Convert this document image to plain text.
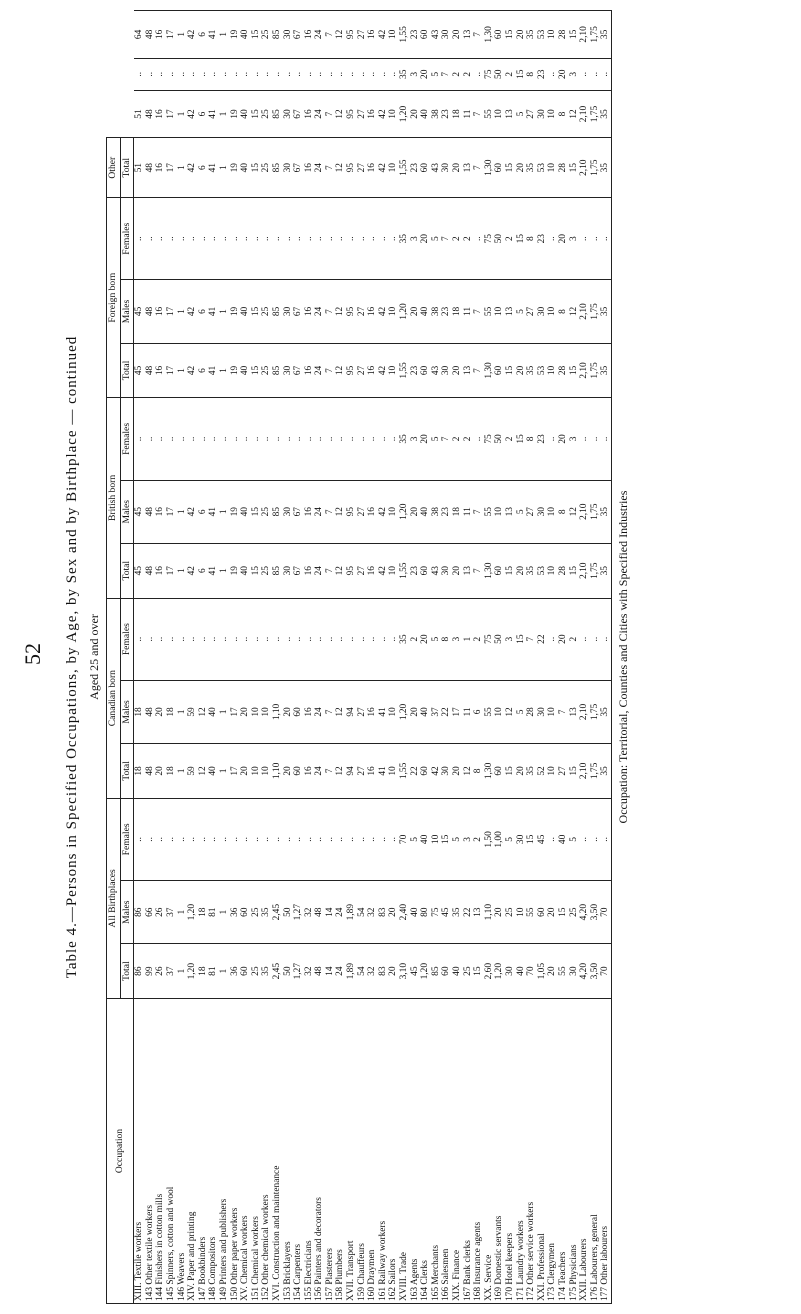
52 Table 4.—Persons in Specified Occupations, by Age, by Sex and by Birthplace — continued Aged 25 and over
Occupation	All Birthplaces			Canadian born			British born			Foreign born			Other			
	Total	Males	Females	Total	Males	Females	Total	Males	Females	Total	Males	Females	Total			
XIII. Textile workers	86	86	..	18	18	..	45	45	..	45	45	..	51	51	..	64
143 Other textile workers	99	66	..	48	48	..	48	48	..	48	48	..	48	48	..	48
144 Finishers in cotton mills	26	26	..	20	20	..	16	16	..	16	16	..	16	16	..	16
145 Spinners, cotton and wool	37	37	..	18	18	..	17	17	..	17	17	..	17	17	..	17
146 Weavers	1	1	..	1	1	..	1	1	..	1	1	..	1	1	..	1
XIV. Paper and printing	1,20	1,20	..	59	59	..	42	42	..	42	42	..	42	42	..	42
147 Bookbinders	18	18	..	12	12	..	6	6	..	6	6	..	6	6	..	6
148 Compositors	81	81	..	40	40	..	41	41	..	41	41	..	41	41	..	41
149 Printers and publishers	1	1	..	1	1	..	1	1	..	1	1	..	1	1	..	1
150 Other paper workers	36	36	..	17	17	..	19	19	..	19	19	..	19	19	..	19
XV. Chemical workers	60	60	..	20	20	..	40	40	..	40	40	..	40	40	..	40
151 Chemical workers	25	25	..	10	10	..	15	15	..	15	15	..	15	15	..	15
152 Other chemical workers	35	35	..	10	10	..	25	25	..	25	25	..	25	25	..	25
XVI. Construction and maintenance	2,45	2,45	..	1,10	1,10	..	85	85	..	85	85	..	85	85	..	85
153 Bricklayers	50	50	..	20	20	..	30	30	..	30	30	..	30	30	..	30
154 Carpenters	1,27	1,27	..	60	60	..	67	67	..	67	67	..	67	67	..	67
155 Electricians	32	32	..	16	16	..	16	16	..	16	16	..	16	16	..	16
156 Painters and decorators	48	48	..	24	24	..	24	24	..	24	24	..	24	24	..	24
157 Plasterers	14	14	..	7	7	..	7	7	..	7	7	..	7	7	..	7
158 Plumbers	24	24	..	12	12	..	12	12	..	12	12	..	12	12	..	12
XVII. Transport	1,89	1,89	..	94	94	..	95	95	..	95	95	..	95	95	..	95
159 Chauffeurs	54	54	..	27	27	..	27	27	..	27	27	..	27	27	..	27
160 Draymen	32	32	..	16	16	..	16	16	..	16	16	..	16	16	..	16
161 Railway workers	83	83	..	41	41	..	42	42	..	42	42	..	42	42	..	42
162 Sailors	20	20	..	10	10	..	10	10	..	10	10	..	10	10	..	10
XVIII. Trade	3,10	2,40	70	1,55	1,20	35	1,55	1,20	35	1,55	1,20	35	1,55	1,20	35	1,55
163 Agents	45	40	5	22	20	2	23	20	3	23	20	3	23	20	3	23
164 Clerks	1,20	80	40	60	40	20	60	40	20	60	40	20	60	40	20	60
165 Merchants	85	75	10	42	37	5	43	38	5	43	38	5	43	38	5	43
166 Salesmen	60	45	15	30	22	8	30	23	7	30	23	7	30	23	7	30
XIX. Finance	40	35	5	20	17	3	20	18	2	20	18	2	20	18	2	20
167 Bank clerks	25	22	3	12	11	1	13	11	2	13	11	2	13	11	2	13
168 Insurance agents	15	13	2	8	6	2	7	7	..	7	7	..	7	7	..	7
XX. Service	2,60	1,10	1,50	1,30	55	75	1,30	55	75	1,30	55	75	1,30	55	75	1,30
169 Domestic servants	1,20	20	1,00	60	10	50	60	10	50	60	10	50	60	10	50	60
170 Hotel keepers	30	25	5	15	12	3	15	13	2	15	13	2	15	13	2	15
171 Laundry workers	40	10	30	20	5	15	20	5	15	20	5	15	20	5	15	20
172 Other service workers	70	55	15	35	28	7	35	27	8	35	27	8	35	27	8	35
XXI. Professional	1,05	60	45	52	30	22	53	30	23	53	30	23	53	30	23	53
173 Clergymen	20	20	..	10	10	..	10	10	..	10	10	..	10	10	..	10
174 Teachers	55	15	40	27	7	20	28	8	20	28	8	20	28	8	20	28
175 Physicians	30	25	5	15	13	2	15	12	3	15	12	3	15	12	3	15
XXII. Labourers	4,20	4,20	..	2,10	2,10	..	2,10	2,10	..	2,10	2,10	..	2,10	2,10	..	2,10
176 Labourers, general	3,50	3,50	..	1,75	1,75	..	1,75	1,75	..	1,75	1,75	..	1,75	1,75	..	1,75
177 Other labourers	70	70	..	35	35	..	35	35	..	35	35	..	35	35	..	35
Occupation: Territorial, Counties and Cities with Specified Industries
